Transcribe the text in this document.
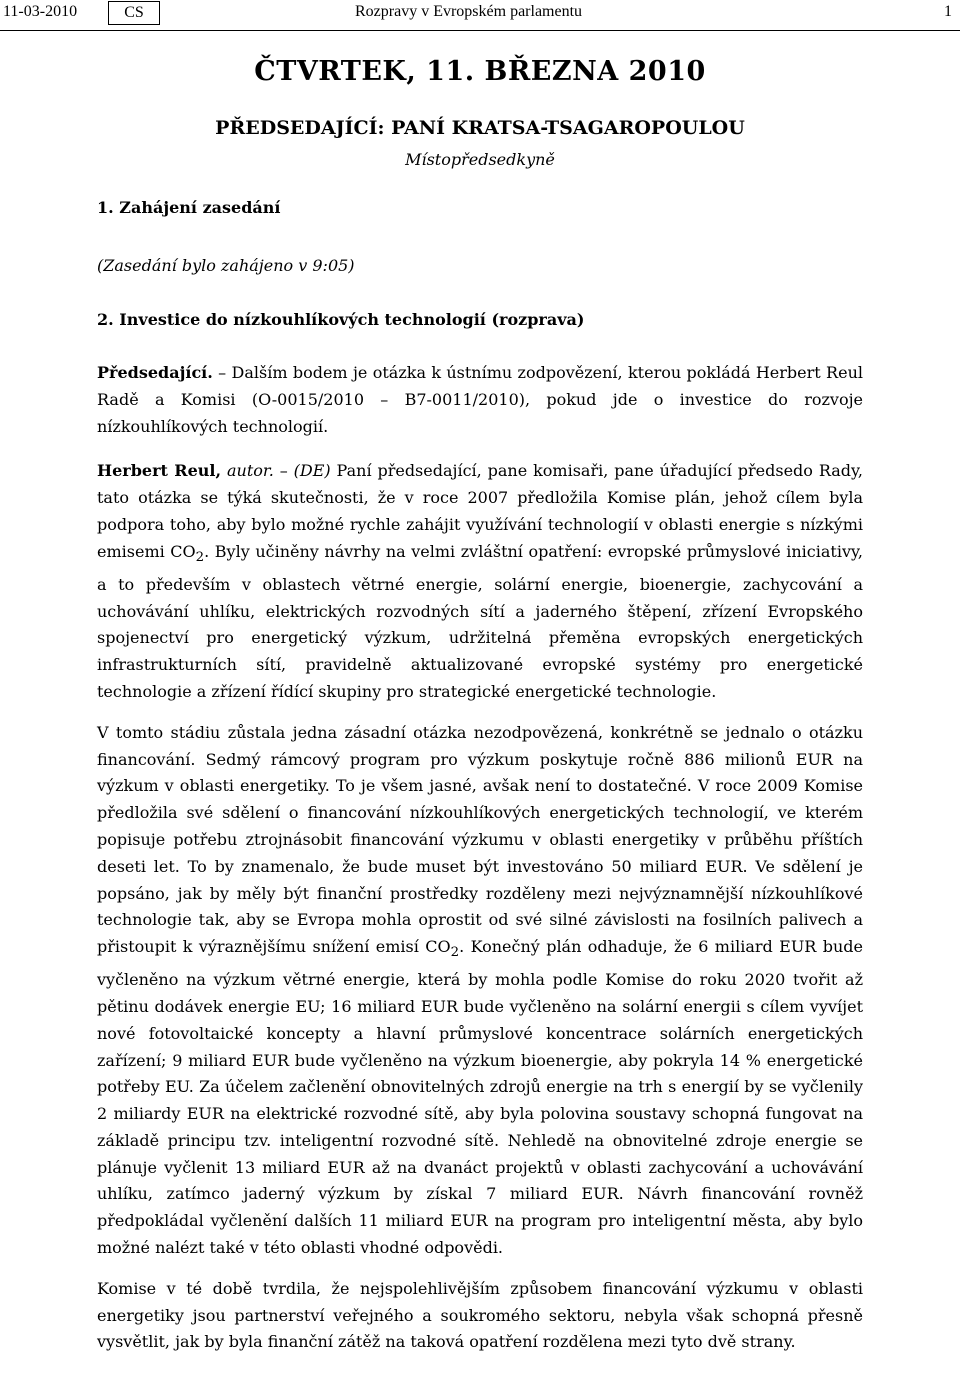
11-03-2010	CS	Rozpravy v Evropském parlamentu	1
ČTVRTEK, 11. BŘEZNA 2010
PŘEDSEDAJÍCÍ: PANÍ KRATSA-TSAGAROPOULOU
Místopředsedkyně
1. Zahájení zasedání
(Zasedání bylo zahájeno v 9:05)
2. Investice do nízkouhlíkových technologií (rozprava)

Předsedající. – Dalším bodem je otázka k ústnímu zodpovězení, kterou pokládá Herbert Reul Radě a Komisi (O-0015/2010 – B7-0011/2010), pokud jde o investice do rozvoje nízkouhlíkových technologií.

Herbert Reul, autor. – (DE) Paní předsedající, pane komisaři, pane úřadující předsedo Rady, tato otázka se týká skutečnosti, že v roce 2007 předložila Komise plán, jehož cílem byla podpora toho, aby bylo možné rychle zahájit využívání technologií v oblasti energie s nízkými emisemi $CO_2$. Byly učiněny návrhy na velmi zvláštní opatření: evropské průmyslové iniciativy, a to především v oblastech větrné energie, solární energie, bioenergie, zachycování a uchovávání uhlíku, elektrických rozvodných sítí a jaderného štěpení, zřízení Evropského spojenectví pro energetický výzkum, udržitelná přeměna evropských energetických infrastrukturních sítí, pravidelně aktualizované evropské systémy pro energetické technologie a zřízení řídící skupiny pro strategické energetické technologie.

V tomto stádiu zůstala jedna zásadní otázka nezodpovězená, konkrétně se jednalo o otázku financování. Sedmý rámcový program pro výzkum poskytuje ročně 886 milionů EUR na výzkum v oblasti energetiky. To je všem jasné, avšak není to dostatečné. V roce 2009 Komise předložila své sdělení o financování nízkouhlíkových energetických technologií, ve kterém popisuje potřebu ztrojnásobit financování výzkumu v oblasti energetiky v průběhu příštích deseti let. To by znamenalo, že bude muset být investováno 50 miliard EUR. Ve sdělení je popsáno, jak by měly být finanční prostředky rozděleny mezi nejvýznamnější nízkouhlíkové technologie tak, aby se Evropa mohla oprostit od své silné závislosti na fosilních palivech a přistoupit k výraznějšímu snížení emisí $CO_2$. Konečný plán odhaduje, že 6 miliard EUR bude vyčleněno na výzkum větrné energie, která by mohla podle Komise do roku 2020 tvořit až pětinu dodávek energie EU; 16 miliard EUR bude vyčleněno na solární energii s cílem vyvíjet nové fotovoltaické koncepty a hlavní průmyslové koncentrace solárních energetických zařízení; 9 miliard EUR bude vyčleněno na výzkum bioenergie, aby pokryla 14 % energetické potřeby EU. Za účelem začlenění obnovitelných zdrojů energie na trh s energií by se vyčlenily 2 miliardy EUR na elektrické rozvodné sítě, aby byla polovina soustavy schopná fungovat na základě principu tzv. inteligentní rozvodné sítě. Nehledě na obnovitelné zdroje energie se plánuje vyčlenit 13 miliard EUR až na dvanáct projektů v oblasti zachycování a uchovávání uhlíku, zatímco jaderný výzkum by získal 7 miliard EUR. Návrh financování rovněž předpokládal vyčlenění dalších 11 miliard EUR na program pro inteligentní města, aby bylo možné nalézt také v této oblasti vhodné odpovědi.

Komise v té době tvrdila, že nejspolehlivějším způsobem financování výzkumu v oblasti energetiky jsou partnerství veřejného a soukromého sektoru, nebyla však schopná přesně vysvětlit, jak by byla finanční zátěž na taková opatření rozdělena mezi tyto dvě strany.
